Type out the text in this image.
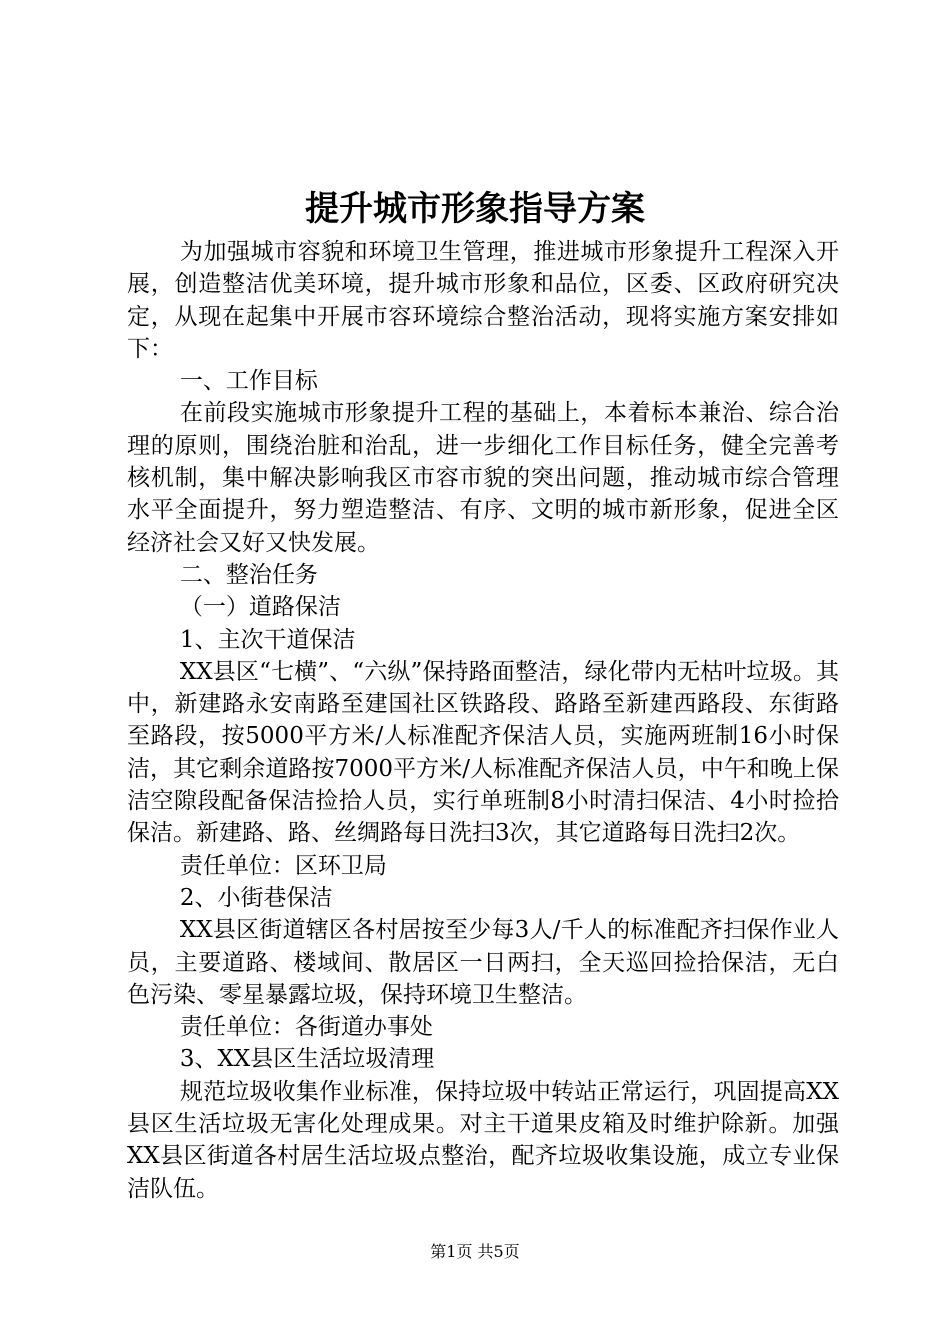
提升城市形象指导方案

为加强城市容貌和环境卫生管理，推进城市形象提升工程深入开展，创造整洁优美环境，提升城市形象和品位，区委、区政府研究决定，从现在起集中开展市容环境综合整治活动，现将实施方案安排如下：

一、工作目标

在前段实施城市形象提升工程的基础上，本着标本兼治、综合治理的原则，围绕治脏和治乱，进一步细化工作目标任务，健全完善考核机制，集中解决影响我区市容市貌的突出问题，推动城市综合管理水平全面提升，努力塑造整洁、有序、文明的城市新形象，促进全区经济社会又好又快发展。

二、整治任务

（一）道路保洁

1、主次干道保洁

XX县区“七横”、“六纵”保持路面整洁，绿化带内无枯叶垃圾。其中，新建路永安南路至建国社区铁路段、路路至新建西路段、东街路至路段，按5000平方米/人标准配齐保洁人员，实施两班制16小时保洁，其它剩余道路按7000平方米/人标准配齐保洁人员，中午和晚上保洁空隙段配备保洁捡拾人员，实行单班制8小时清扫保洁、4小时捡拾保洁。新建路、路、丝绸路每日洗扫3次，其它道路每日洗扫2次。

责任单位：区环卫局

2、小街巷保洁

XX县区街道辖区各村居按至少每3人/千人的标准配齐扫保作业人员，主要道路、楼域间、散居区一日两扫，全天巡回捡拾保洁，无白色污染、零星暴露垃圾，保持环境卫生整洁。

责任单位：各街道办事处

3、XX县区生活垃圾清理

规范垃圾收集作业标准，保持垃圾中转站正常运行，巩固提高XX县区生活垃圾无害化处理成果。对主干道果皮箱及时维护除新。加强XX县区街道各村居生活垃圾点整治，配齐垃圾收集设施，成立专业保洁队伍。

第1页 共5页
